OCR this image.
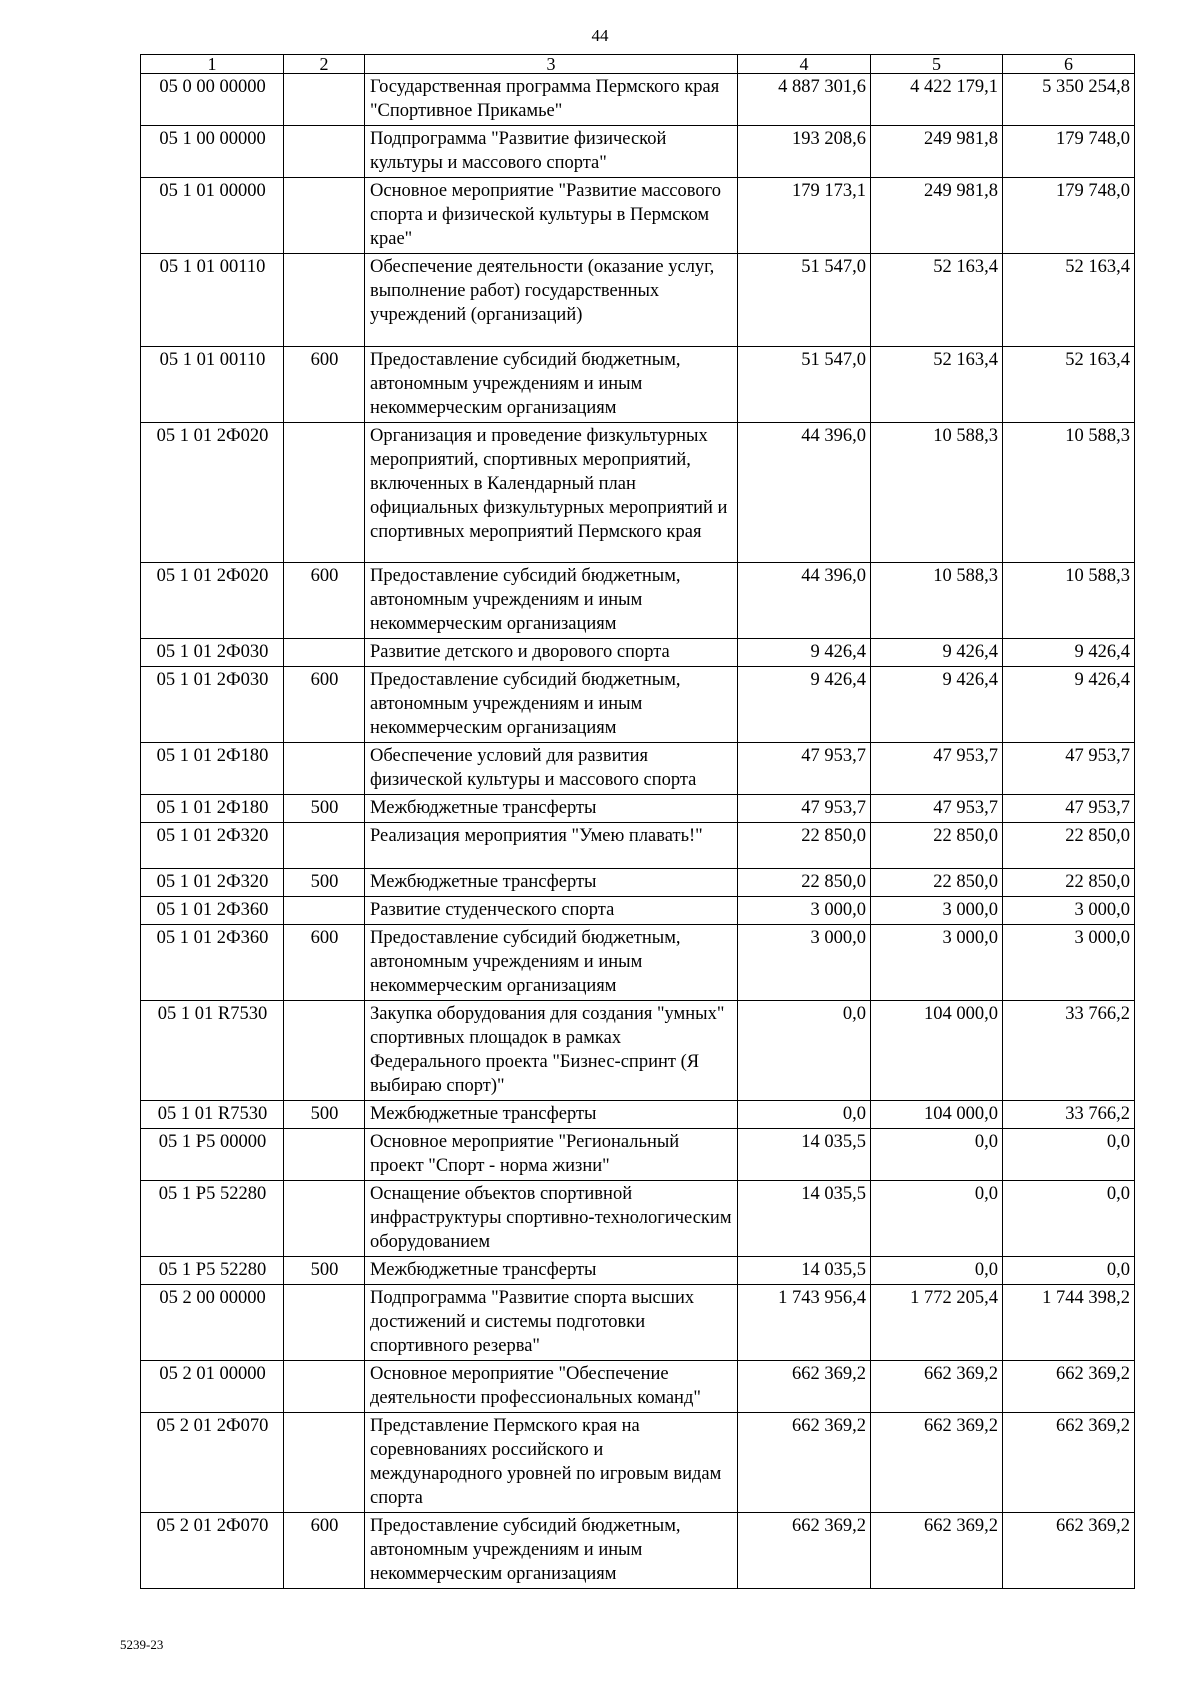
44
1	2	3	4	5	6
05 0 00 00000		Государственная программа Пермского края "Спортивное Прикамье"	4 887 301,6	4 422 179,1	5 350 254,8
05 1 00 00000		Подпрограмма "Развитие физической культуры и массового спорта"	193 208,6	249 981,8	179 748,0
05 1 01 00000		Основное мероприятие "Развитие массового спорта и физической культуры в Пермском крае"	179 173,1	249 981,8	179 748,0
05 1 01 00110		Обеспечение деятельности (оказание услуг, выполнение работ) государственных учреждений (организаций)	51 547,0	52 163,4	52 163,4
05 1 01 00110	600	Предоставление субсидий бюджетным, автономным учреждениям и иным некоммерческим организациям	51 547,0	52 163,4	52 163,4
05 1 01 2Ф020		Организация и проведение физкультурных мероприятий, спортивных мероприятий, включенных в Календарный план официальных физкультурных мероприятий и спортивных мероприятий Пермского края	44 396,0	10 588,3	10 588,3
05 1 01 2Ф020	600	Предоставление субсидий бюджетным, автономным учреждениям и иным некоммерческим организациям	44 396,0	10 588,3	10 588,3
05 1 01 2Ф030		Развитие детского и дворового спорта	9 426,4	9 426,4	9 426,4
05 1 01 2Ф030	600	Предоставление субсидий бюджетным, автономным учреждениям и иным некоммерческим организациям	9 426,4	9 426,4	9 426,4
05 1 01 2Ф180		Обеспечение условий для развития физической культуры и массового спорта	47 953,7	47 953,7	47 953,7
05 1 01 2Ф180	500	Межбюджетные трансферты	47 953,7	47 953,7	47 953,7
05 1 01 2Ф320		Реализация мероприятия "Умею плавать!"	22 850,0	22 850,0	22 850,0
05 1 01 2Ф320	500	Межбюджетные трансферты	22 850,0	22 850,0	22 850,0
05 1 01 2Ф360		Развитие студенческого спорта	3 000,0	3 000,0	3 000,0
05 1 01 2Ф360	600	Предоставление субсидий бюджетным, автономным учреждениям и иным некоммерческим организациям	3 000,0	3 000,0	3 000,0
05 1 01 R7530		Закупка оборудования для создания "умных" спортивных площадок в рамках Федерального проекта "Бизнес-спринт (Я выбираю спорт)"	0,0	104 000,0	33 766,2
05 1 01 R7530	500	Межбюджетные трансферты	0,0	104 000,0	33 766,2
05 1 P5 00000		Основное мероприятие "Региональный проект "Спорт - норма жизни"	14 035,5	0,0	0,0
05 1 P5 52280		Оснащение объектов спортивной инфраструктуры спортивно-технологическим оборудованием	14 035,5	0,0	0,0
05 1 P5 52280	500	Межбюджетные трансферты	14 035,5	0,0	0,0
05 2 00 00000		Подпрограмма "Развитие спорта высших достижений и системы подготовки спортивного резерва"	1 743 956,4	1 772 205,4	1 744 398,2
05 2 01 00000		Основное мероприятие "Обеспечение деятельности профессиональных команд"	662 369,2	662 369,2	662 369,2
05 2 01 2Ф070		Представление Пермского края на соревнованиях российского и международного уровней по игровым видам спорта	662 369,2	662 369,2	662 369,2
05 2 01 2Ф070	600	Предоставление субсидий бюджетным, автономным учреждениям и иным некоммерческим организациям	662 369,2	662 369,2	662 369,2
5239-23
